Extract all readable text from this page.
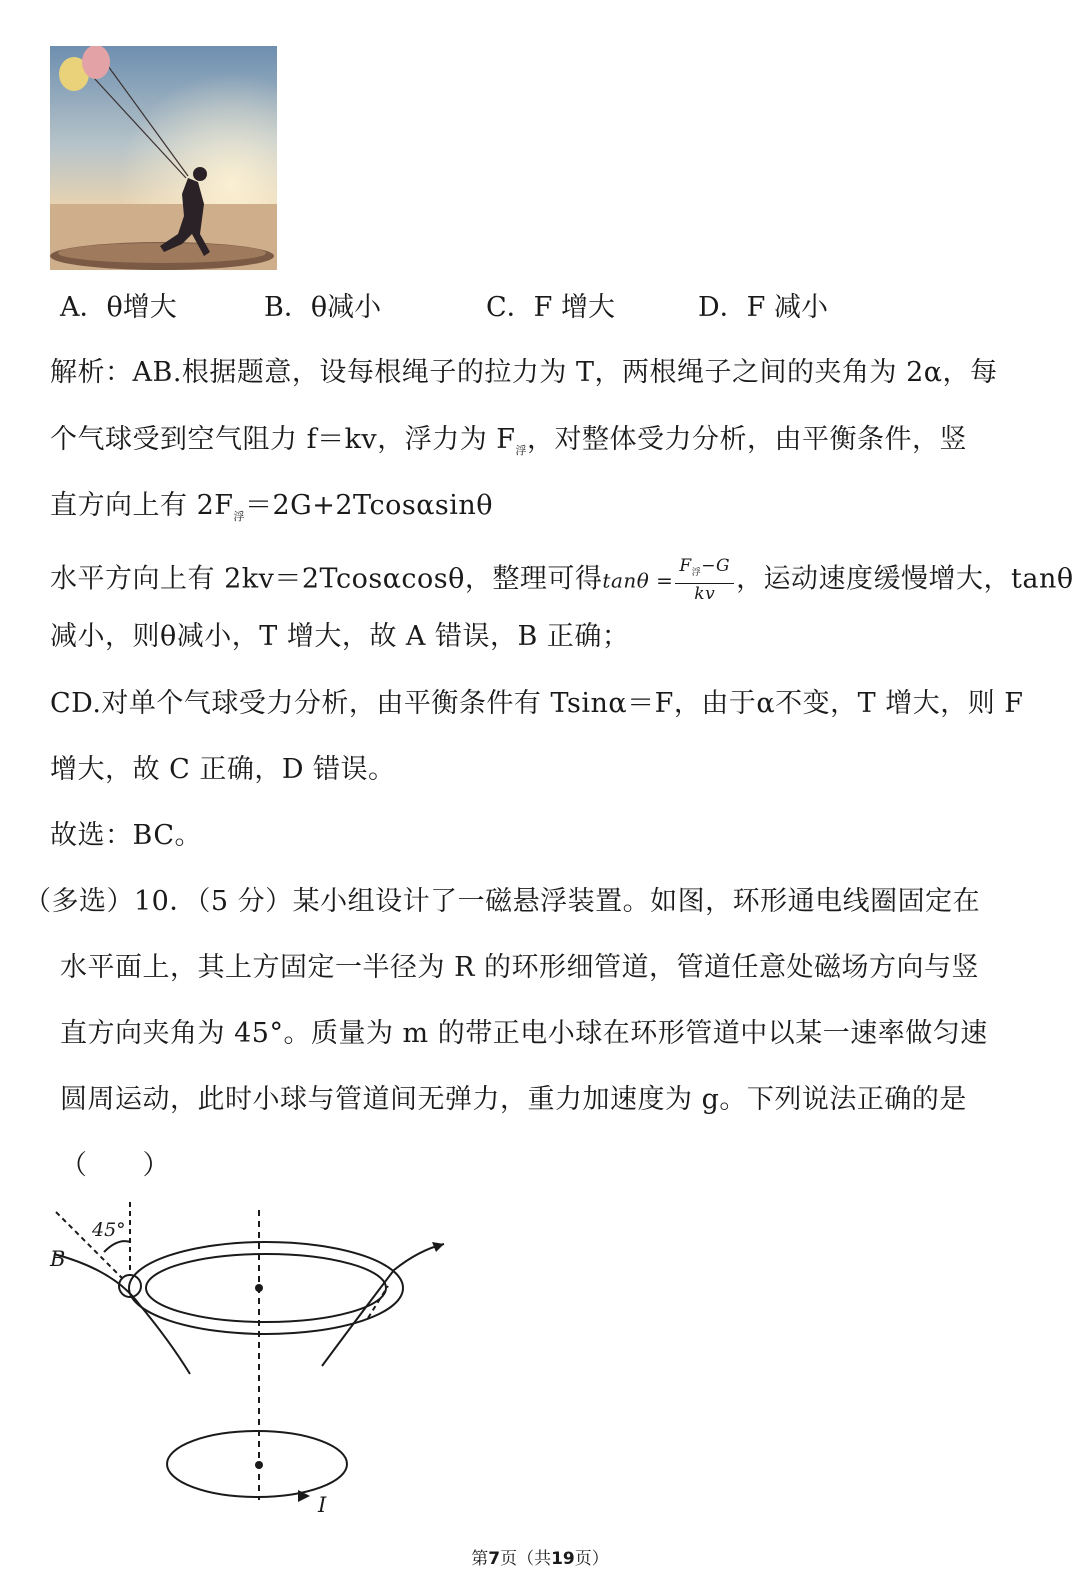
A．θ增大	B．θ减小	C．F 增大	D．F 减小
解析：AB.根据题意，设每根绳子的拉力为 T，两根绳子之间的夹角为 2α，每
个气球受到空气阻力 f＝kv，浮力为 $F_浮$，对整体受力分析，由平衡条件，竖
直方向上有 $2F_浮=2G+2Tcos\alpha\sin\theta$
水平方向上有 2kv＝2Tcosαcosθ，整理可得$\tan\theta = \frac{F_浮-G}{kv}$ ，运动速度缓慢增大，tanθ
减小，则θ减小，T 增大，故 A 错误，B 正确；
CD.对单个气球受力分析，由平衡条件有 Tsinα＝F，由于α不变，T 增大，则 F
增大，故 C 正确，D 错误。
故选：BC。
（多选）10．（5 分）某小组设计了一磁悬浮装置。如图，环形通电线圈固定在
水平面上，其上方固定一半径为 R 的环形细管道，管道任意处磁场方向与竖
直方向夹角为 45°。质量为 m 的带正电小球在环形管道中以某一速率做匀速
圆周运动，此时小球与管道间无弹力，重力加速度为 g。下列说法正确的是
（　　）
45°
B
I
第7页（共19页）
